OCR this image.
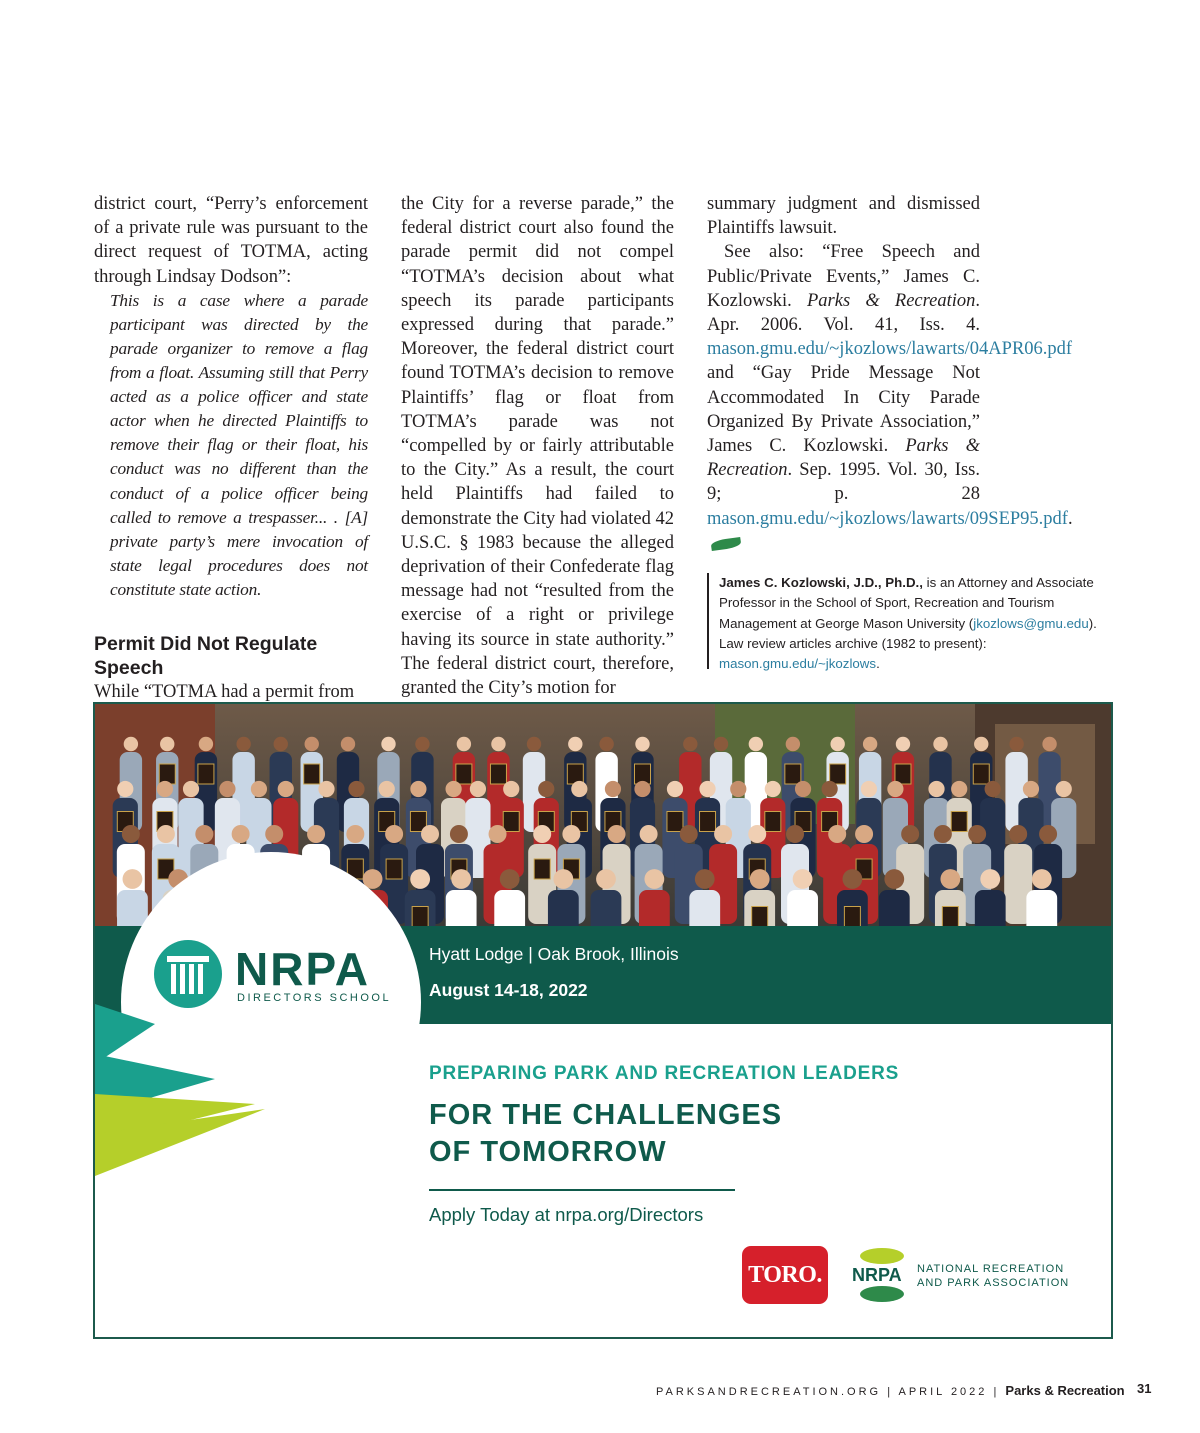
district court, “Perry’s enforcement of a private rule was pursuant to the direct request of TOTMA, acting through Lindsay Dodson”:

This is a case where a parade participant was directed by the parade organizer to remove a flag from a float. Assuming still that Perry acted as a police officer and state actor when he directed Plaintiffs to remove their flag or their float, his conduct was no different than the conduct of a police officer being called to remove a trespasser... . [A] private party’s mere invocation of state legal procedures does not constitute state action.

Permit Did Not Regulate Speech

While “TOTMA had a permit from

the City for a reverse parade,” the federal district court also found the parade permit did not compel “TOTMA’s decision about what speech its parade participants expressed during that parade.” Moreover, the federal district court found TOTMA’s decision to remove Plaintiffs’ flag or float from TOTMA’s parade was not “compelled by or fairly attributable to the City.” As a result, the court held Plaintiffs had failed to demonstrate the City had violated 42 U.S.C. § 1983 because the alleged deprivation of their Confederate flag message had not “resulted from the exercise of a right or privilege having its source in state authority.” The federal district court, therefore, granted the City’s motion for

summary judgment and dismissed Plaintiffs lawsuit.

See also: “Free Speech and Public/Private Events,” James C. Kozlowski. Parks & Recreation. Apr. 2006. Vol. 41, Iss. 4. mason.gmu.edu/~jkozlows/lawarts/04APR06.pdf and “Gay Pride Message Not Accommodated In City Parade Organized By Private Association,” James C. Kozlowski. Parks & Recreation. Sep. 1995. Vol. 30, Iss. 9; p. 28 mason.gmu.edu/~jkozlows/lawarts/09SEP95.pdf.

James C. Kozlowski, J.D., Ph.D., is an Attorney and Associate Professor in the School of Sport, Recreation and Tourism Management at George Mason University (jkozlows@gmu.edu). Law review articles archive (1982 to present): mason.gmu.edu/~jkozlows.
NRPA
DIRECTORS SCHOOL
Hyatt Lodge | Oak Brook, Illinois
August 14-18, 2022
PREPARING PARK AND RECREATION LEADERS
FOR THE CHALLENGES
OF TOMORROW
Apply Today at nrpa.org/Directors
TORO.	NRPA NATIONAL RECREATION
AND PARK ASSOCIATION
PARKSANDRECREATION.ORG | APRIL 2022 | Parks & Recreation 31
